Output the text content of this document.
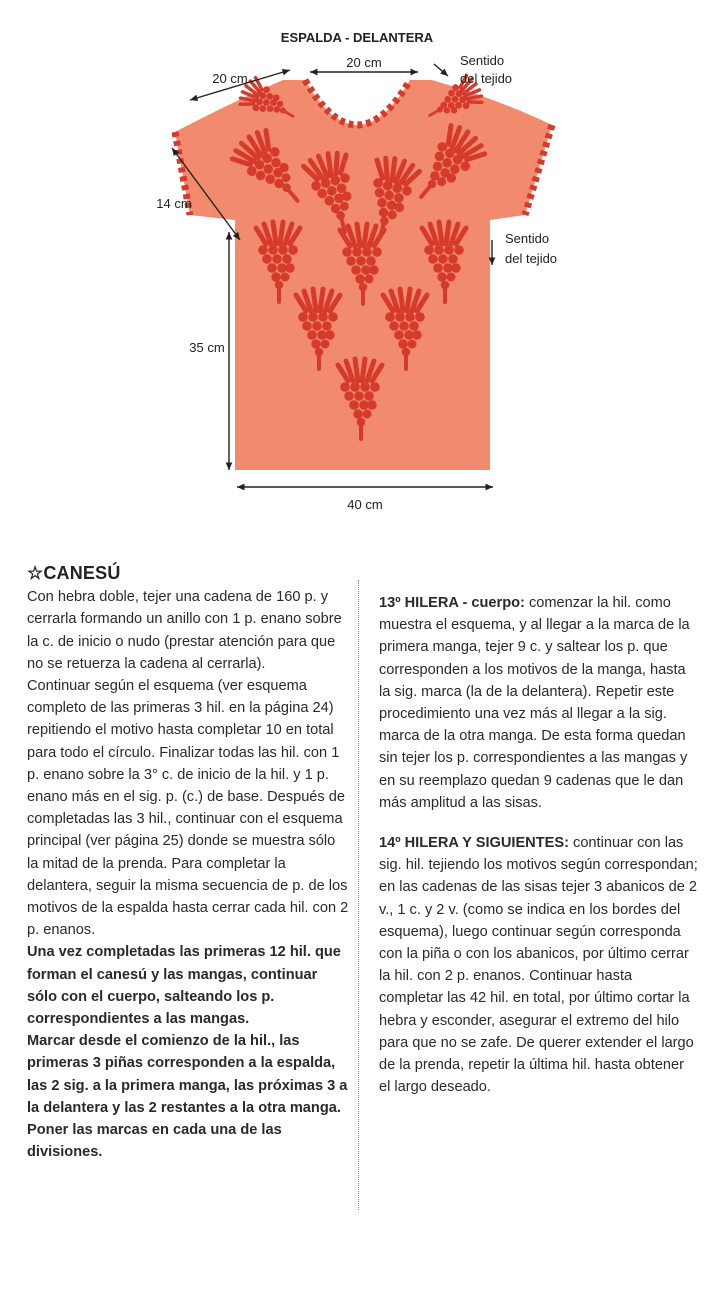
ESPALDA - DELANTERA
20 cm
20 cm
14 cm
35 cm
40 cm
Sentido
del tejido
Sentido
del tejido

☆CANESÚ

Con hebra doble, tejer una cadena de 160 p. y cerrarla formando un anillo con 1 p. enano sobre la c. de inicio o nudo (prestar atención para que no se retuerza la cadena al cerrarla).

Continuar según el esquema (ver esquema completo de las primeras 3 hil. en la página 24) repitiendo el motivo hasta completar 10 en total para todo el círculo. Finalizar todas las hil. con 1 p. enano sobre la 3° c. de inicio de la hil. y 1 p. enano más en el sig. p. (c.) de base. Después de completadas las 3 hil., continuar con el esquema principal (ver página 25) donde se muestra sólo la mitad de la prenda. Para completar la delantera, seguir la misma secuencia de p. de los motivos de la espalda hasta cerrar cada hil. con 2 p. enanos.

Una vez completadas las primeras 12 hil. que forman el canesú y las mangas, continuar sólo con el cuerpo, salteando los p. correspondientes a las mangas.

Marcar desde el comienzo de la hil., las primeras 3 piñas corresponden a la espalda, las 2 sig. a la primera manga, las próximas 3 a la delantera y las 2 restantes a la otra manga. Poner las marcas en cada una de las divisiones.

13º HILERA - cuerpo: comenzar la hil. como muestra el esquema, y al llegar a la marca de la primera manga, tejer 9 c. y saltear los p. que corresponden a los motivos de la manga, hasta la sig. marca (la de la delantera). Repetir este procedimiento una vez más al llegar a la sig. marca de la otra manga. De esta forma quedan sin tejer los p. correspondientes a las mangas y en su reemplazo quedan 9 cadenas que le dan más amplitud a las sisas.

14º HILERA Y SIGUIENTES: continuar con las sig. hil. tejiendo los motivos según correspondan; en las cadenas de las sisas tejer 3 abanicos de 2 v., 1 c. y 2 v. (como se indica en los bordes del esquema), luego continuar según corresponda con la piña o con los abanicos, por último cerrar la hil. con 2 p. enanos. Continuar hasta completar las 42 hil. en total, por último cortar la hebra y esconder, asegurar el extremo del hilo para que no se zafe. De querer extender el largo de la prenda, repetir la última hil. hasta obtener el largo deseado.
